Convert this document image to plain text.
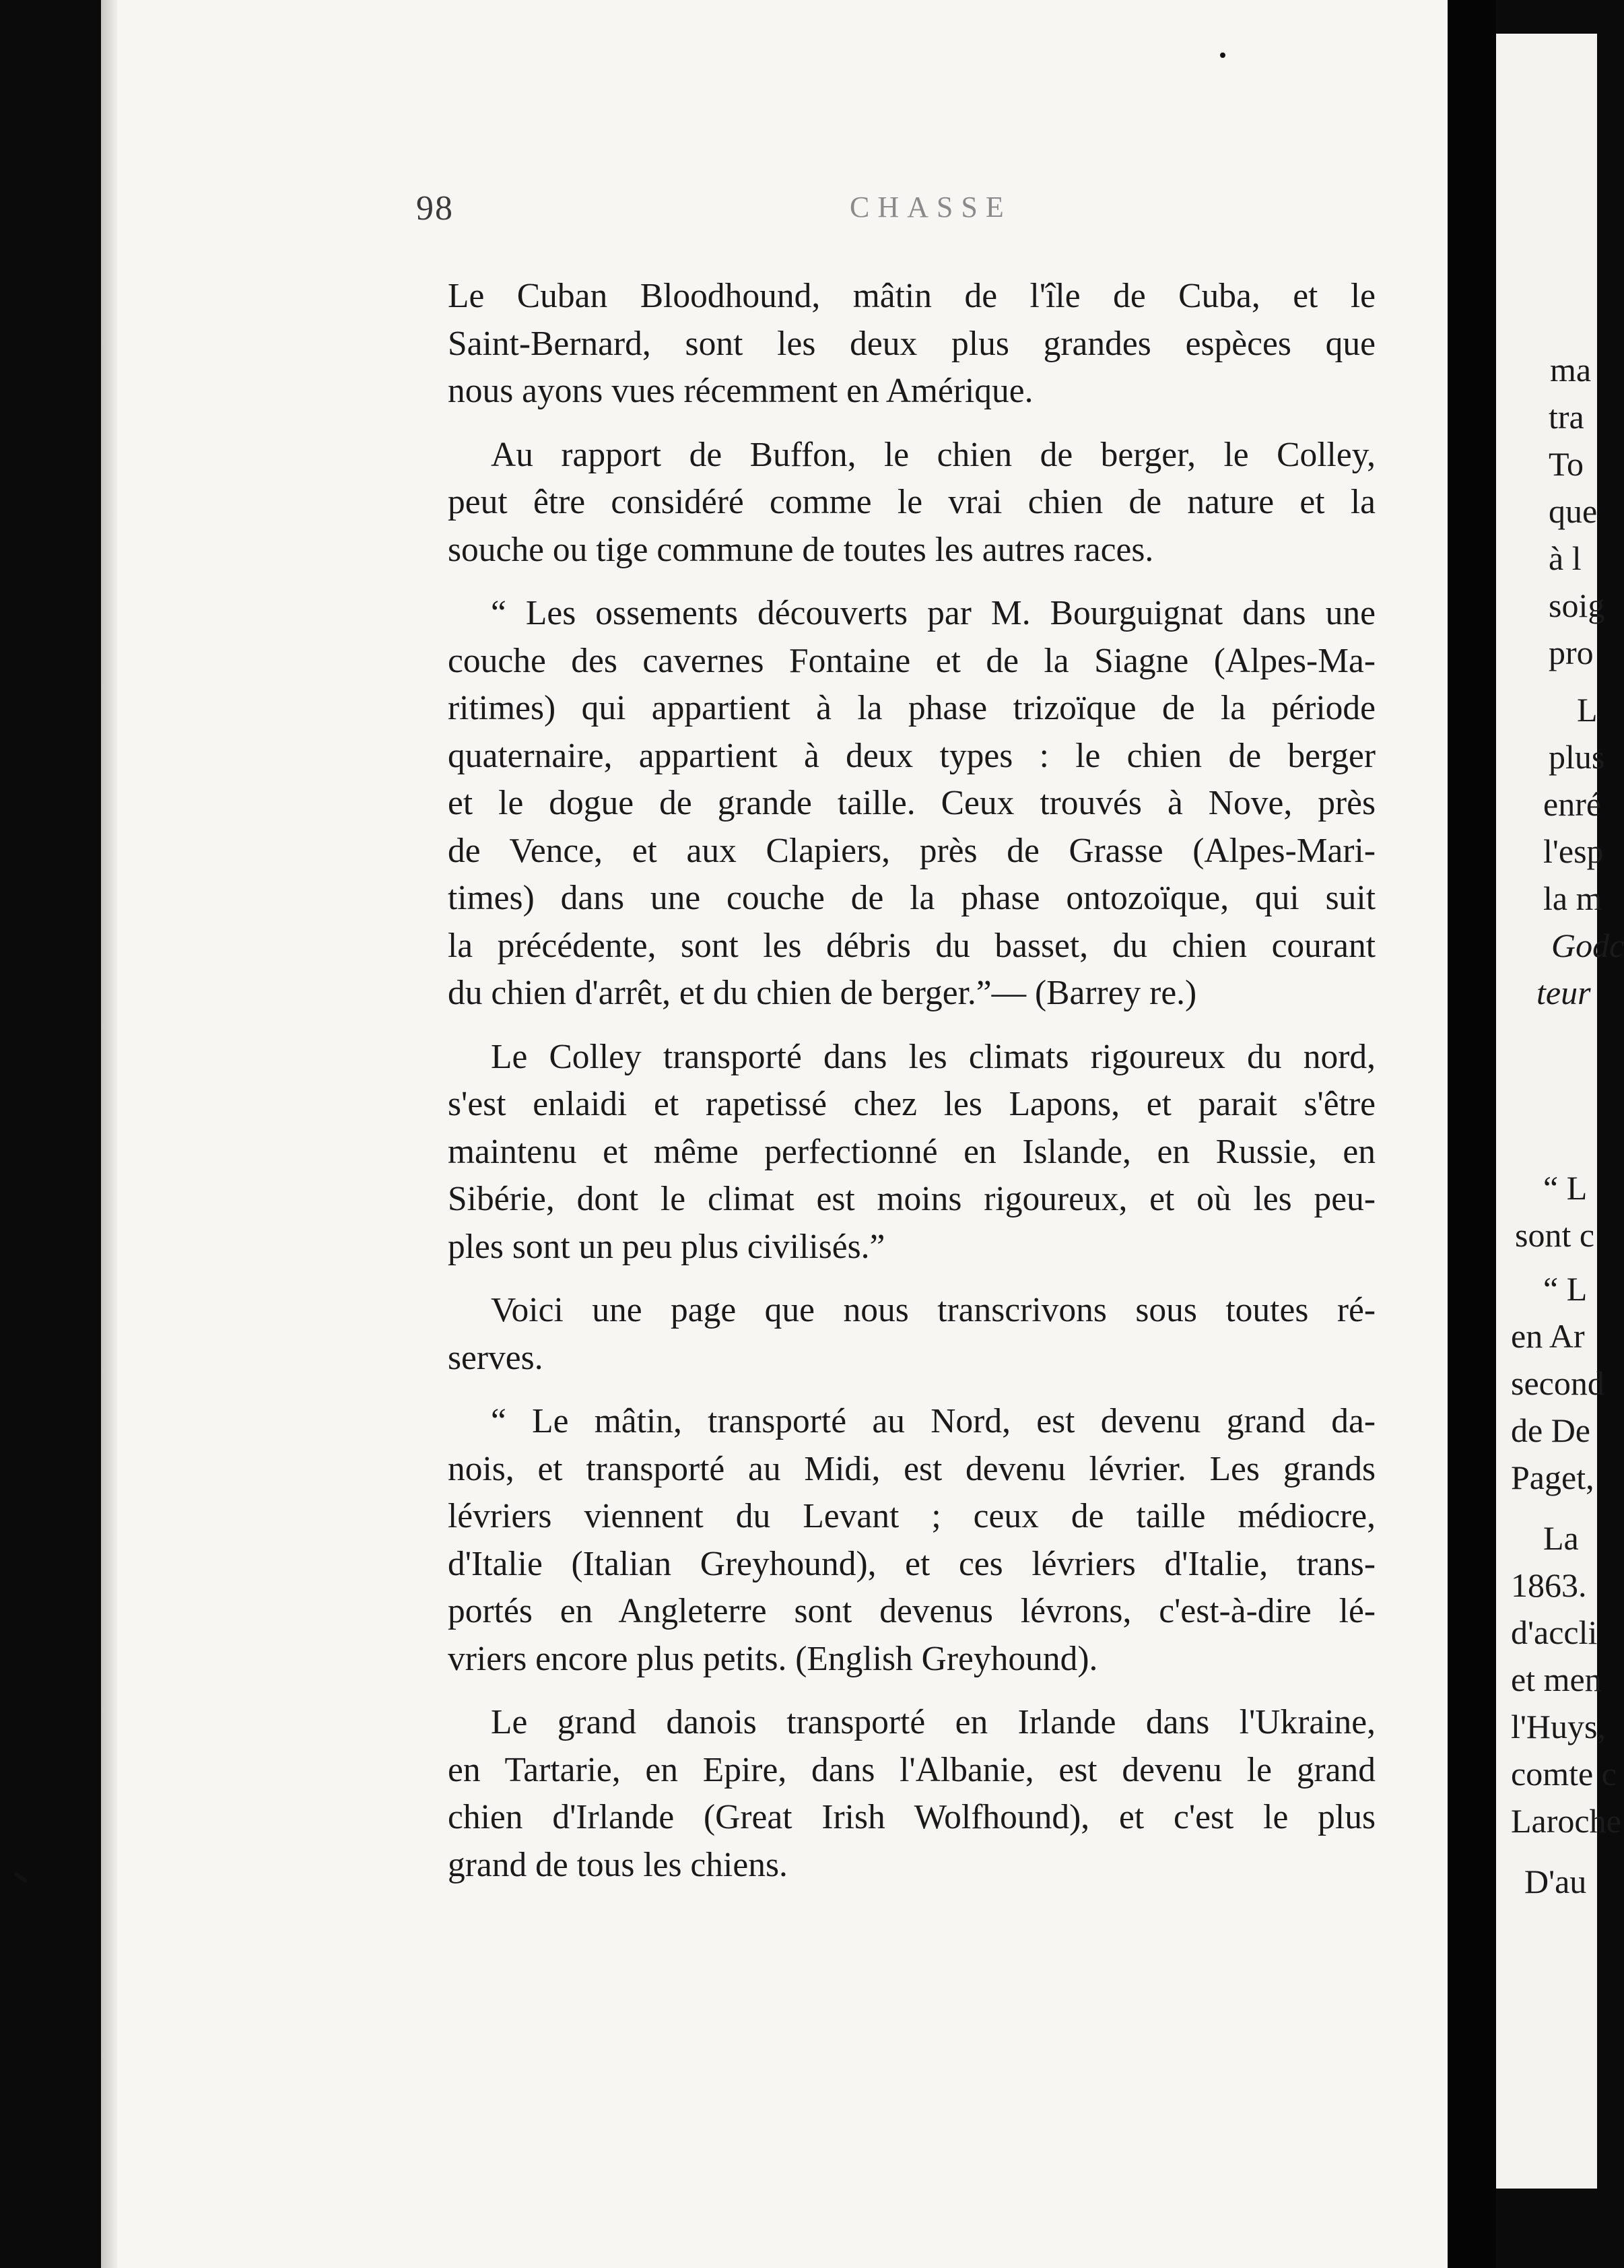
98	CHASSE
Le Cuban Bloodhound, mâtin de l'île de Cuba, et le
Saint-Bernard, sont les deux plus grandes espèces que
nous ayons vues récemment en Amérique.
Au rapport de Buffon, le chien de berger, le Colley,
peut être considéré comme le vrai chien de nature et la
souche ou tige commune de toutes les autres races.
“ Les ossements découverts par M. Bourguignat dans une
couche des cavernes Fontaine et de la Siagne (Alpes-Ma-
ritimes) qui appartient à la phase trizoïque de la période
quaternaire, appartient à deux types : le chien de berger
et le dogue de grande taille. Ceux trouvés à Nove, près
de Vence, et aux Clapiers, près de Grasse (Alpes-Mari-
times) dans une couche de la phase ontozoïque, qui suit
la précédente, sont les débris du basset, du chien courant
du chien d'arrêt, et du chien de berger.”— (Barrey re.)
Le Colley transporté dans les climats rigoureux du nord,
s'est enlaidi et rapetissé chez les Lapons, et parait s'être
maintenu et même perfectionné en Islande, en Russie, en
Sibérie, dont le climat est moins rigoureux, et où les peu-
ples sont un peu plus civilisés.”
Voici une page que nous transcrivons sous toutes ré-
serves.
“ Le mâtin, transporté au Nord, est devenu grand da-
nois, et transporté au Midi, est devenu lévrier. Les grands
lévriers viennent du Levant ; ceux de taille médiocre,
d'Italie (Italian Greyhound), et ces lévriers d'Italie, trans-
portés en Angleterre sont devenus lévrons, c'est-à-dire lé-
vriers encore plus petits. (English Greyhound).
Le grand danois transporté en Irlande dans l'Ukraine,
en Tartarie, en Epire, dans l'Albanie, est devenu le grand
chien d'Irlande (Great Irish Wolfhound), et c'est le plus
grand de tous les chiens.
ma
tra
To
que
à l
soig
pro
L
plus
enré
l'esp
la m
Godc
teur
“ L
sont c
“ L
en Ar
second
de De
Paget,
La
1863.
d'accli
et men
l'Huys,
comte c
Laroche
D'au
